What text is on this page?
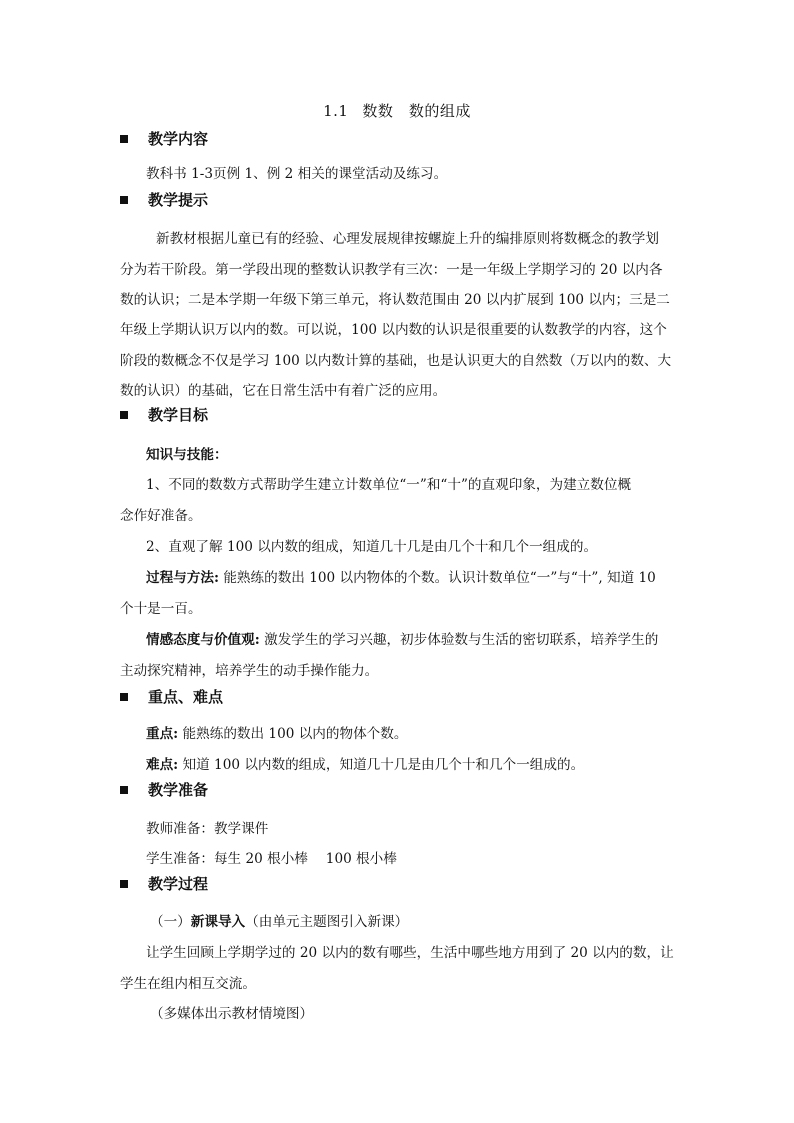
1.1 数数　数的组成
教学内容
教科书 1-3页例 1、例 2 相关的课堂活动及练习。
教学提示
新教材根据儿童已有的经验、心理发展规律按螺旋上升的编排原则将数概念的教学划
分为若干阶段。第一学段出现的整数认识教学有三次：一是一年级上学期学习的 20 以内各
数的认识；二是本学期一年级下第三单元，将认数范围由 20 以内扩展到 100 以内；三是二
年级上学期认识万以内的数。可以说，100 以内数的认识是很重要的认数教学的内容，这个
阶段的数概念不仅是学习 100 以内数计算的基础，也是认识更大的自然数（万以内的数、大
数的认识）的基础，它在日常生活中有着广泛的应用。
教学目标
知识与技能：
1、不同的数数方式帮助学生建立计数单位“一”和“十”的直观印象，为建立数位概
念作好准备。
2、直观了解 100 以内数的组成，知道几十几是由几个十和几个一组成的。
过程与方法: 能熟练的数出 100 以内物体的个数。认识计数单位“一”与“十”, 知道 10
个十是一百。
情感态度与价值观: 激发学生的学习兴趣，初步体验数与生活的密切联系，培养学生的
主动探究精神，培养学生的动手操作能力。
重点、难点
重点: 能熟练的数出 100 以内的物体个数。
难点: 知道 100 以内数的组成，知道几十几是由几个十和几个一组成的。
教学准备
教师准备：教学课件
学生准备：每生 20 根小棒　 100 根小棒
教学过程
（一）新课导入（由单元主题图引入新课）
让学生回顾上学期学过的 20 以内的数有哪些，生活中哪些地方用到了 20 以内的数，让
学生在组内相互交流。
（多媒体出示教材情境图）
